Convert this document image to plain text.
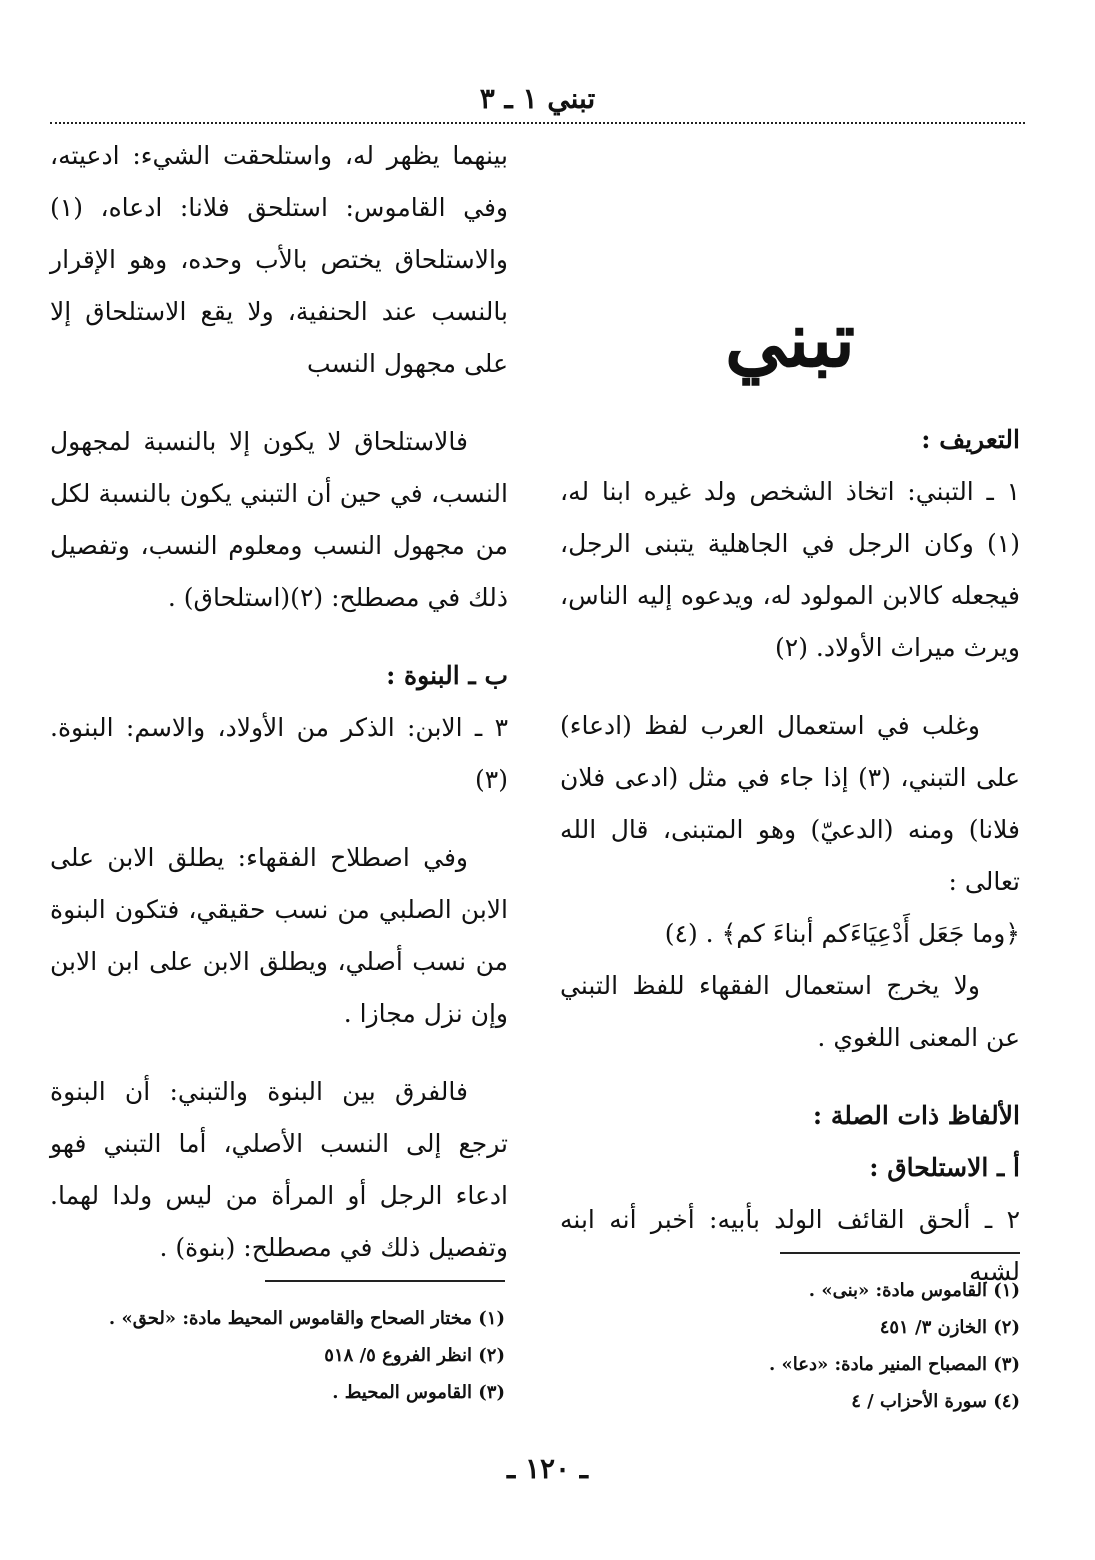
تبني ١ ـ ٣
تبني

التعريف :

١ ـ التبني: اتخاذ الشخص ولد غيره ابنا له، (١) وكان الرجل في الجاهلية يتبنى الرجل، فيجعله كالابن المولود له، ويدعوه إليه الناس، ويرث ميراث الأولاد. (٢)

وغلب في استعمال العرب لفظ (ادعاء) على التبني، (٣) إذا جاء في مثل (ادعى فلان فلانا) ومنه (الدعيّ) وهو المتبنى، قال الله تعالى :

﴿وما جَعَل أَدْعِيَاءَكم أبناءَ كم﴾ . (٤)

ولا يخرج استعمال الفقهاء للفظ التبني عن المعنى اللغوي .

الألفاظ ذات الصلة :

أ ـ الاستلحاق :

٢ ـ ألحق القائف الولد بأبيه: أخبر أنه ابنه لشبه

بينهما يظهر له، واستلحقت الشيء: ادعيته، وفي القاموس: استلحق فلانا: ادعاه، (١) والاستلحاق يختص بالأب وحده، وهو الإقرار بالنسب عند الحنفية، ولا يقع الاستلحاق إلا على مجهول النسب

فالاستلحاق لا يكون إلا بالنسبة لمجهول النسب، في حين أن التبني يكون بالنسبة لكل من مجهول النسب ومعلوم النسب، وتفصيل ذلك في مصطلح: (٢)(استلحاق) .

ب ـ البنوة :

٣ ـ الابن: الذكر من الأولاد، والاسم: البنوة. (٣)

وفي اصطلاح الفقهاء: يطلق الابن على الابن الصلبي من نسب حقيقي، فتكون البنوة من نسب أصلي، ويطلق الابن على ابن الابن وإن نزل مجازا .

فالفرق بين البنوة والتبني: أن البنوة ترجع إلى النسب الأصلي، أما التبني فهو ادعاء الرجل أو المرأة من ليس ولدا لهما. وتفصيل ذلك في مصطلح: (بنوة) .

(١) القاموس مادة: «بنى» .

(٢) الخازن ٣/ ٤٥١

(٣) المصباح المنير مادة: «دعا» .

(٤) سورة الأحزاب / ٤

(١) مختار الصحاح والقاموس المحيط مادة: «لحق» .

(٢) انظر الفروع ٥/ ٥١٨

(٣) القاموس المحيط .

ـ ١٢٠ ـ
